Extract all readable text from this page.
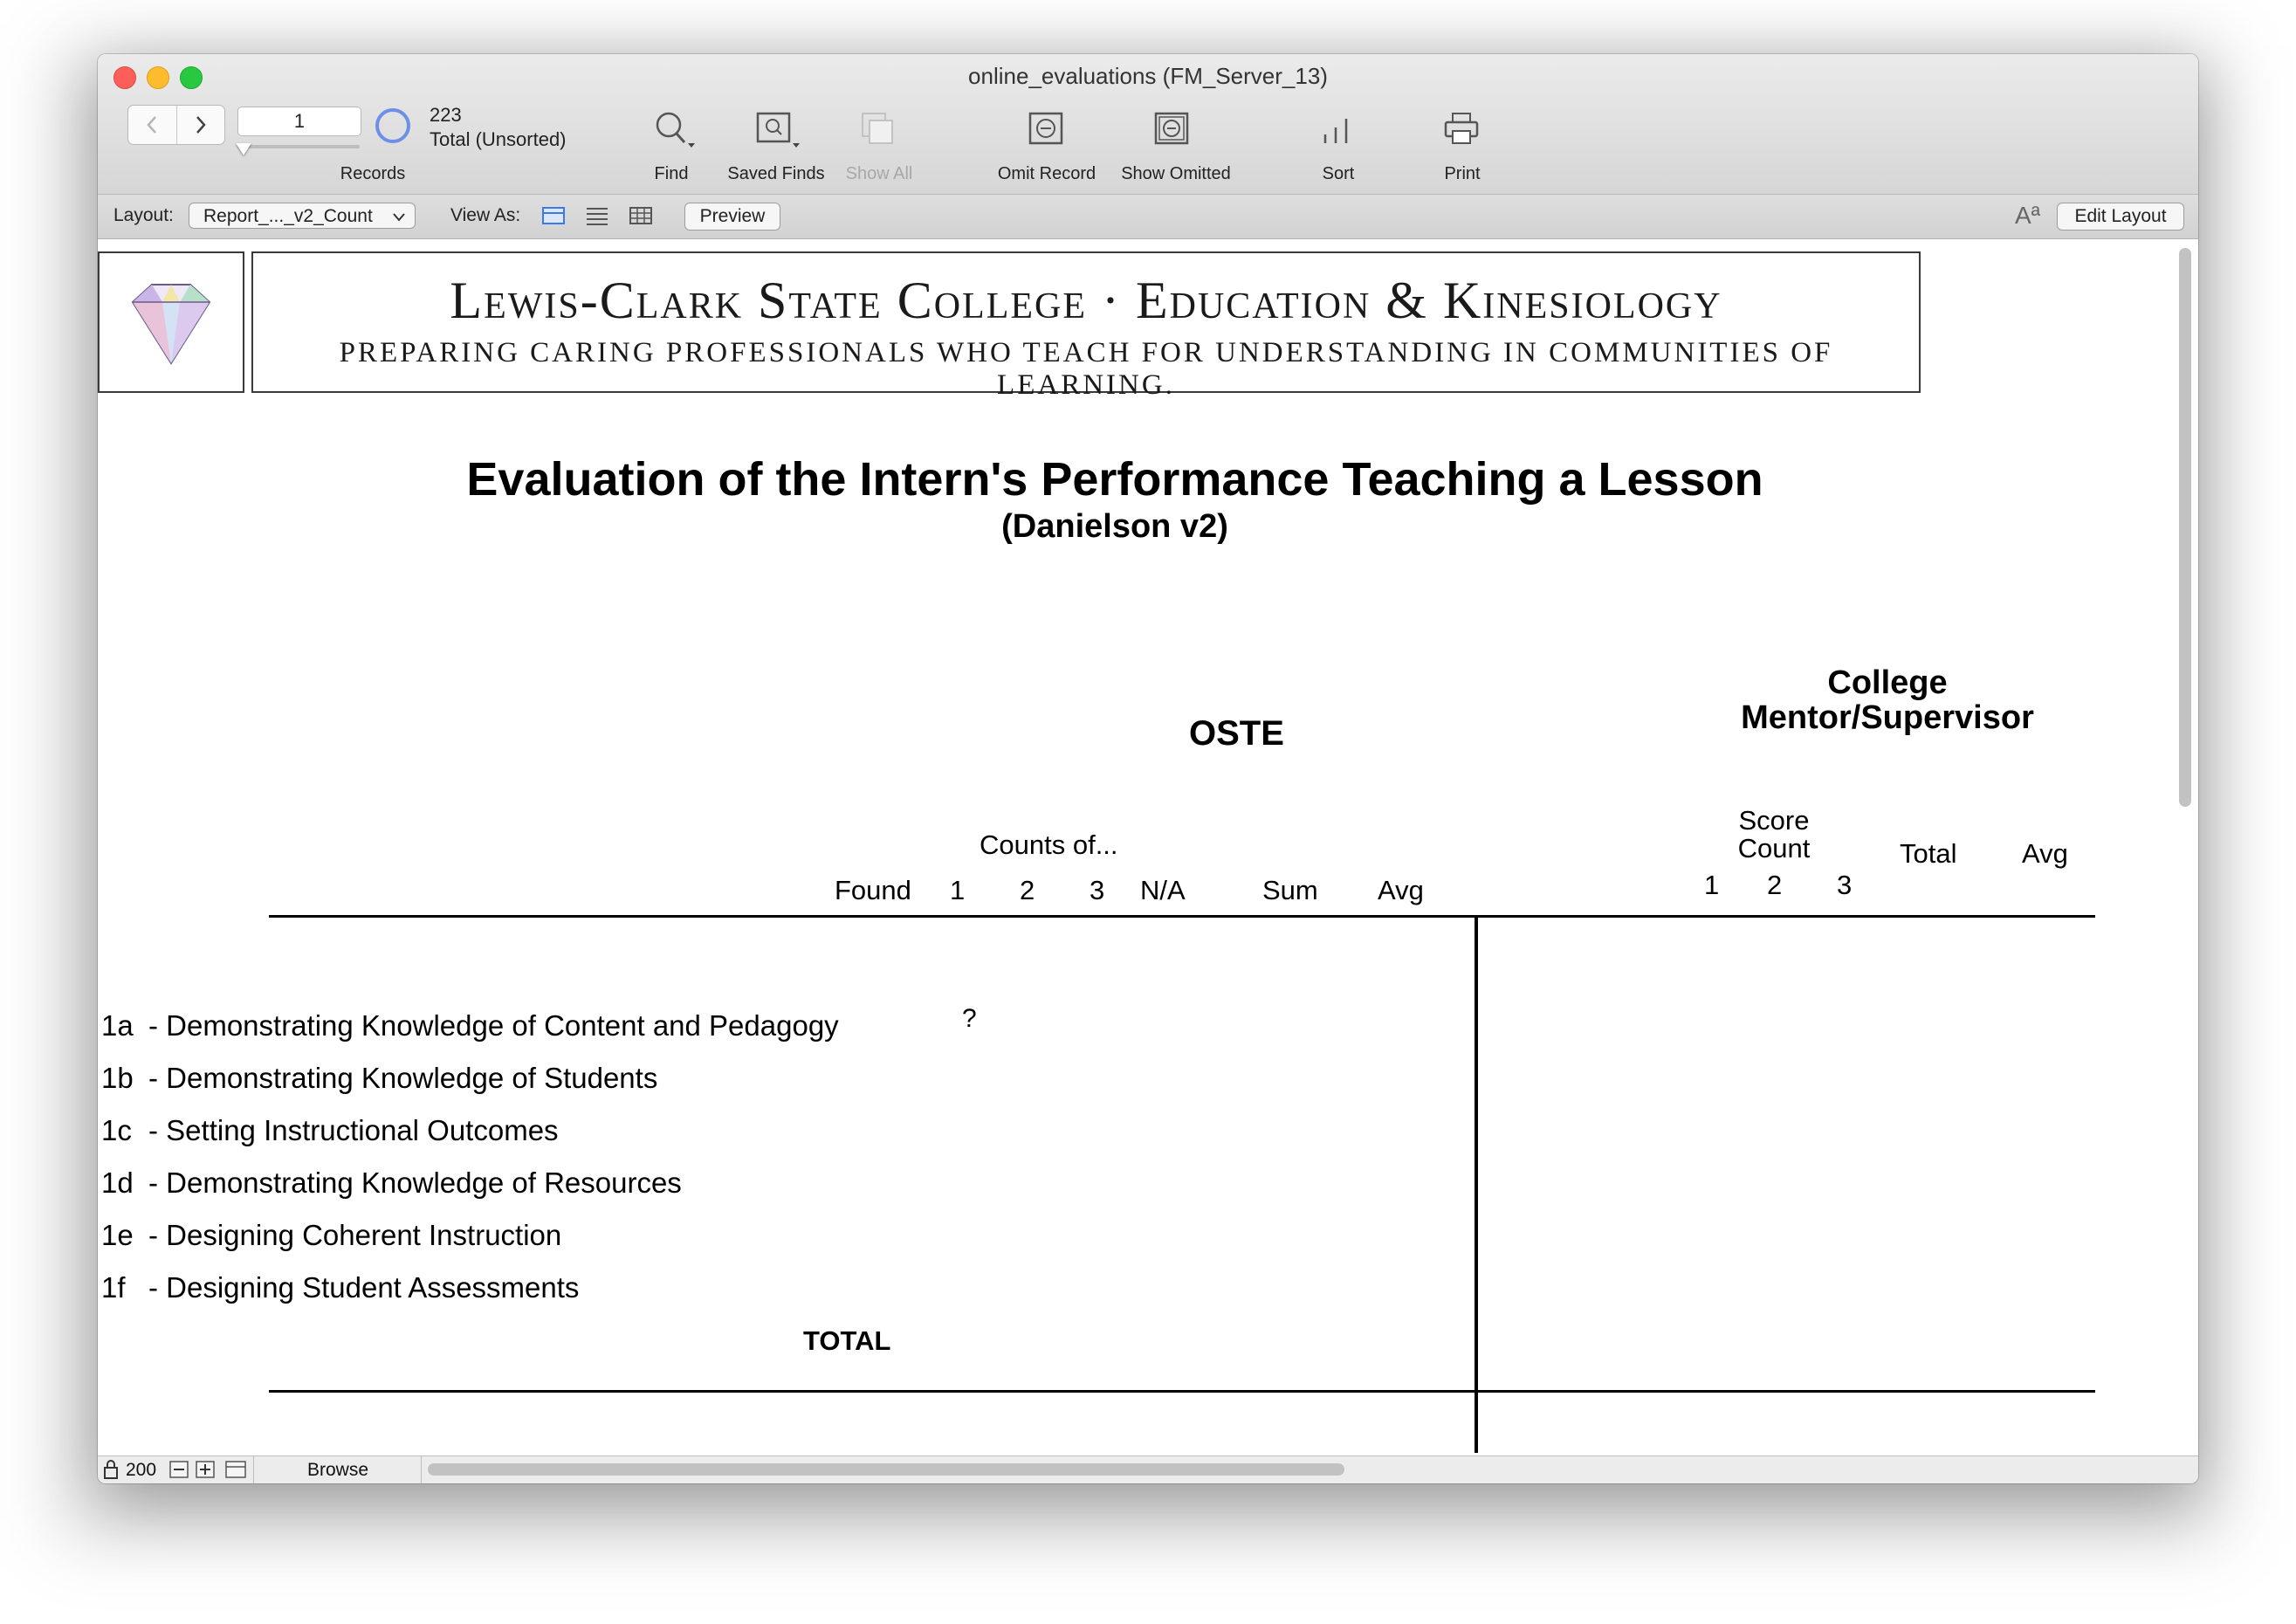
online_evaluations (FM_Server_13)
1	223
Total (Unsorted)
Records	Find	Saved Finds	Show All	Omit Record	Show Omitted	Sort	Print
Layout:	Report_..._v2_Count	View As:	Preview	Aª	Edit Layout
Lewis-Clark State College · Education & Kinesiology
PREPARING CARING PROFESSIONALS WHO TEACH FOR UNDERSTANDING IN COMMUNITIES OF LEARNING.
Evaluation of the Intern's Performance Teaching a Lesson
(Danielson v2)
OSTE
College
Mentor/Supervisor
Counts of...
Found 1 2 3 N/A	Sum Avg
Score
Count
1 2 3
Total Avg
1a - Demonstrating Knowledge of Content and Pedagogy	?
1b - Demonstrating Knowledge of Students
1c - Setting Instructional Outcomes
1d - Demonstrating Knowledge of Resources
1e - Designing Coherent Instruction
1f - Designing Student Assessments
TOTAL
200	Browse
